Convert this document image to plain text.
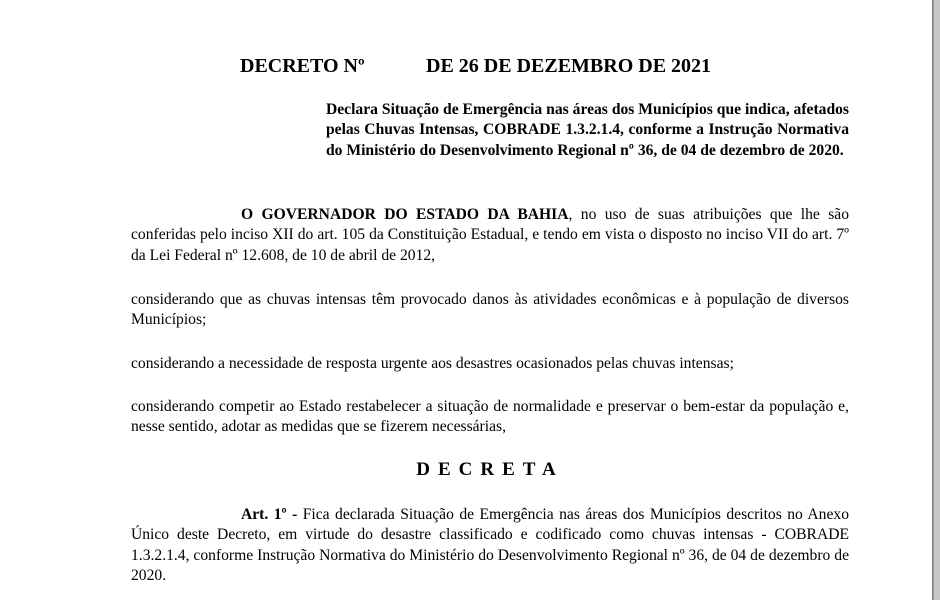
DECRETO Nº	DE 26 DE DEZEMBRO DE 2021
Declara Situação de Emergência nas áreas dos Municípios que indica, afetados pelas Chuvas Intensas, COBRADE 1.3.2.1.4, conforme a Instrução Normativa do Ministério do Desenvolvimento Regional nº 36, de 04 de dezembro de 2020.

O GOVERNADOR DO ESTADO DA BAHIA, no uso de suas atribuições que lhe são conferidas pelo inciso XII do art. 105 da Constituição Estadual, e tendo em vista o disposto no inciso VII do art. 7º da Lei Federal nº 12.608, de 10 de abril de 2012,

considerando que as chuvas intensas têm provocado danos às atividades econômicas e à população de diversos Municípios;

considerando a necessidade de resposta urgente aos desastres ocasionados pelas chuvas intensas;

considerando competir ao Estado restabelecer a situação de normalidade e preservar o bem-estar da população e, nesse sentido, adotar as medidas que se fizerem necessárias,

DECRETA

Art. 1º - Fica declarada Situação de Emergência nas áreas dos Municípios descritos no Anexo Único deste Decreto, em virtude do desastre classificado e codificado como chuvas intensas - COBRADE 1.3.2.1.4, conforme Instrução Normativa do Ministério do Desenvolvimento Regional nº 36, de 04 de dezembro de 2020.
